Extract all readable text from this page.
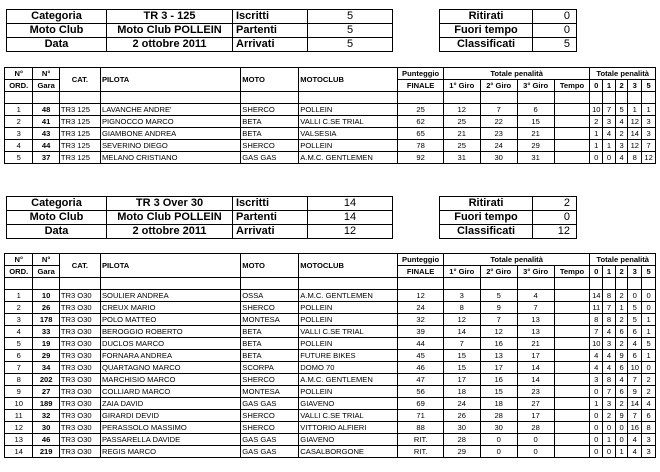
Categoria	TR 3 - 125	Iscritti	5
Moto Club	Moto Club POLLEIN	Partenti	5
Data	2 ottobre 2011	Arrivati	5
Ritirati	0
Fuori tempo	0
Classificati	5
N°	N°	CAT.	PILOTA	MOTO	MOTOCLUB	Punteggio	Totale penalità				Totale penalità				
ORD.	Gara					FINALE	1° Giro	2° Giro	3° Giro	Tempo	0	1	2	3	5

1	48	TR3 125	LAVANCHE ANDRE'	SHERCO	POLLEIN	25	12	7	6		10	7	5	1	1
2	41	TR3 125	PIGNOCCO MARCO	BETA	VALLI C.SE TRIAL	62	25	22	15		2	3	4	12	3
3	43	TR3 125	GIAMBONE ANDREA	BETA	VALSESIA	65	21	23	21		1	4	2	14	3
4	44	TR3 125	SEVERINO DIEGO	SHERCO	POLLEIN	78	25	24	29		1	1	3	12	7
5	37	TR3 125	MELANO CRISTIANO	GAS GAS	A.M.C. GENTLEMEN	92	31	30	31		0	0	4	8	12
Categoria	TR 3 Over 30	Iscritti	14
Moto Club	Moto Club POLLEIN	Partenti	14
Data	2 ottobre 2011	Arrivati	12
Ritirati	2
Fuori tempo	0
Classificati	12
N°	N°	CAT.	PILOTA	MOTO	MOTOCLUB	Punteggio	Totale penalità				Totale penalità				
ORD.	Gara					FINALE	1° Giro	2° Giro	3° Giro	Tempo	0	1	2	3	5

1	10	TR3 O30	SOULIER ANDREA	OSSA	A.M.C. GENTLEMEN	12	3	5	4		14	8	2	0	0
2	26	TR3 O30	CREUX MARIO	SHERCO	POLLEIN	24	8	9	7		11	7	1	5	0
3	178	TR3 O30	POLO MATTEO	MONTESA	POLLEIN	32	12	7	13		8	8	2	5	1
4	33	TR3 O30	BEROGGIO ROBERTO	BETA	VALLI C.SE TRIAL	39	14	12	13		7	4	6	6	1
5	19	TR3 O30	DUCLOS MARCO	BETA	POLLEIN	44	7	16	21		10	3	2	4	5
6	29	TR3 O30	FORNARA ANDREA	BETA	FUTURE BIKES	45	15	13	17		4	4	9	6	1
7	34	TR3 O30	QUARTAGNO MARCO	SCORPA	DOMO 70	46	15	17	14		4	4	6	10	0
8	202	TR3 O30	MARCHISIO MARCO	SHERCO	A.M.C. GENTLEMEN	47	17	16	14		3	8	4	7	2
9	27	TR3 O30	COLLIARD MARCO	MONTESA	POLLEIN	56	18	15	23		0	7	6	9	2
10	189	TR3 O30	ZAIA DAVID	GAS GAS	GIAVENO	69	24	18	27		1	3	2	14	4
11	32	TR3 O30	GIRARDI DEVID	SHERCO	VALLI C.SE TRIAL	71	26	28	17		0	2	9	7	6
12	30	TR3 O30	PERASSOLO MASSIMO	SHERCO	VITTORIO ALFIERI	88	30	30	28		0	0	0	16	8
13	46	TR3 O30	PASSARELLA DAVIDE	GAS GAS	GIAVENO	RIT.	28	0	0		0	1	0	4	3
14	219	TR3 O30	REGIS MARCO	GAS GAS	CASALBORGONE	RIT.	29	0	0		0	0	1	4	3
